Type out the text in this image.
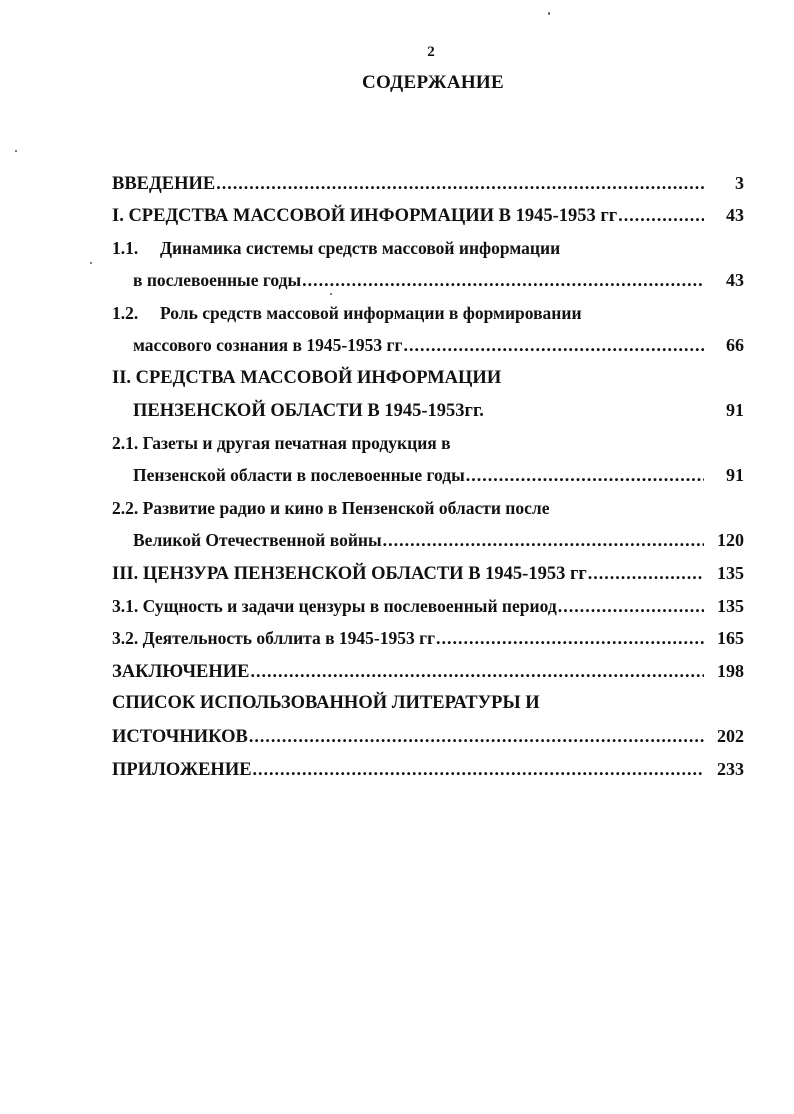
2
СОДЕРЖАНИЕ
ВВЕДЕНИЕ .....	3
I. СРЕДСТВА МАССОВОЙ ИНФОРМАЦИИ В 1945-1953 гг .....	43
1.1. Динамика системы средств массовой информации
в послевоенные годы .....	43
1.2. Роль средств массовой информации в формировании
массового сознания в 1945-1953 гг .....	66
II. СРЕДСТВА МАССОВОЙ ИНФОРМАЦИИ
ПЕНЗЕНСКОЙ ОБЛАСТИ В 1945-1953гг.	91
2.1. Газеты и другая печатная продукция в
Пензенской области в послевоенные годы .....	91
2.2. Развитие радио и кино в Пензенской области после
Великой Отечественной войны .....	120
III. ЦЕНЗУРА ПЕНЗЕНСКОЙ ОБЛАСТИ В 1945-1953 гг .....	135
3.1. Сущность и задачи цензуры в послевоенный период .....	135
3.2. Деятельность обллита в 1945-1953 гг .....	165
ЗАКЛЮЧЕНИЕ .....	198
СПИСОК ИСПОЛЬЗОВАННОЙ ЛИТЕРАТУРЫ И
ИСТОЧНИКОВ .....	202
ПРИЛОЖЕНИЕ .....	233
